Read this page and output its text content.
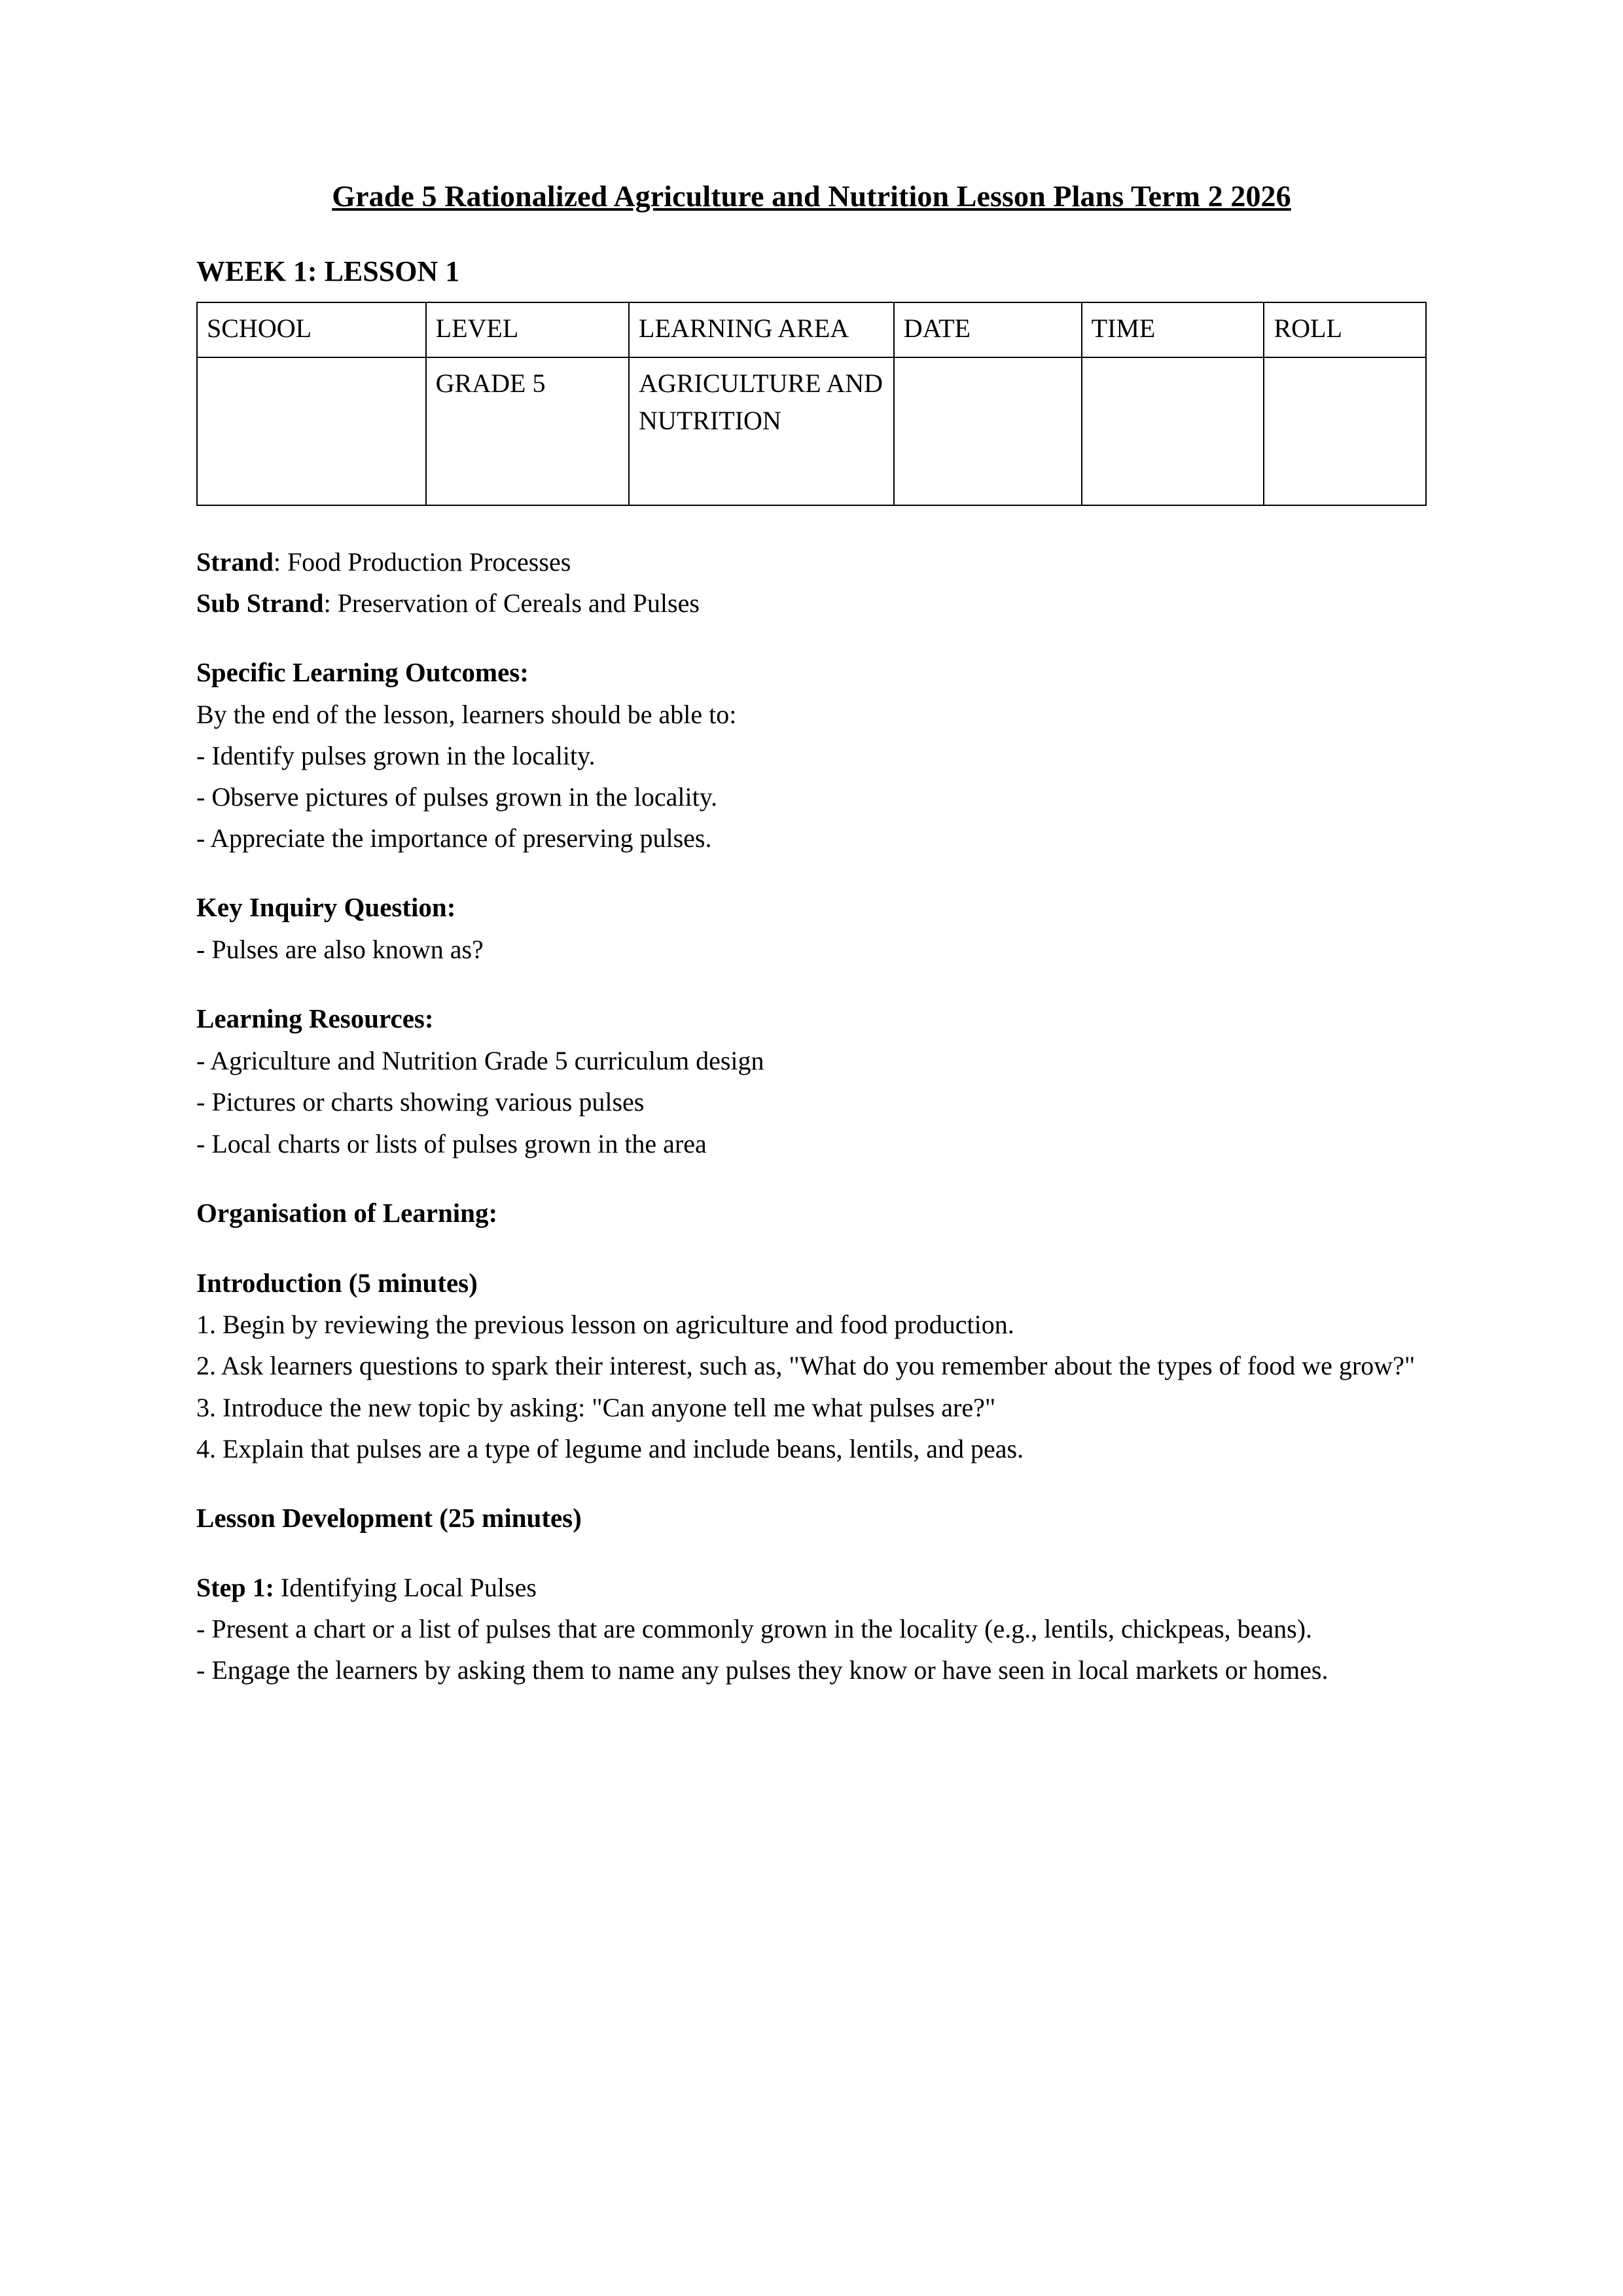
Grade 5 Rationalized Agriculture and Nutrition Lesson Plans Term 2 2026
WEEK 1: LESSON 1
SCHOOL	LEVEL	LEARNING AREA	DATE	TIME	ROLL
	GRADE 5	AGRICULTURE AND NUTRITION			

Strand: Food Production Processes

Sub Strand: Preservation of Cereals and Pulses

Specific Learning Outcomes:

By the end of the lesson, learners should be able to:

- Identify pulses grown in the locality.

- Observe pictures of pulses grown in the locality.

- Appreciate the importance of preserving pulses.

Key Inquiry Question:

- Pulses are also known as?

Learning Resources:

- Agriculture and Nutrition Grade 5 curriculum design

- Pictures or charts showing various pulses

- Local charts or lists of pulses grown in the area

Organisation of Learning:

Introduction (5 minutes)

1. Begin by reviewing the previous lesson on agriculture and food production.

2. Ask learners questions to spark their interest, such as, "What do you remember about the types of food we grow?"

3. Introduce the new topic by asking: "Can anyone tell me what pulses are?"

4. Explain that pulses are a type of legume and include beans, lentils, and peas.

Lesson Development (25 minutes)

Step 1: Identifying Local Pulses

- Present a chart or a list of pulses that are commonly grown in the locality (e.g., lentils, chickpeas, beans).

- Engage the learners by asking them to name any pulses they know or have seen in local markets or homes.
